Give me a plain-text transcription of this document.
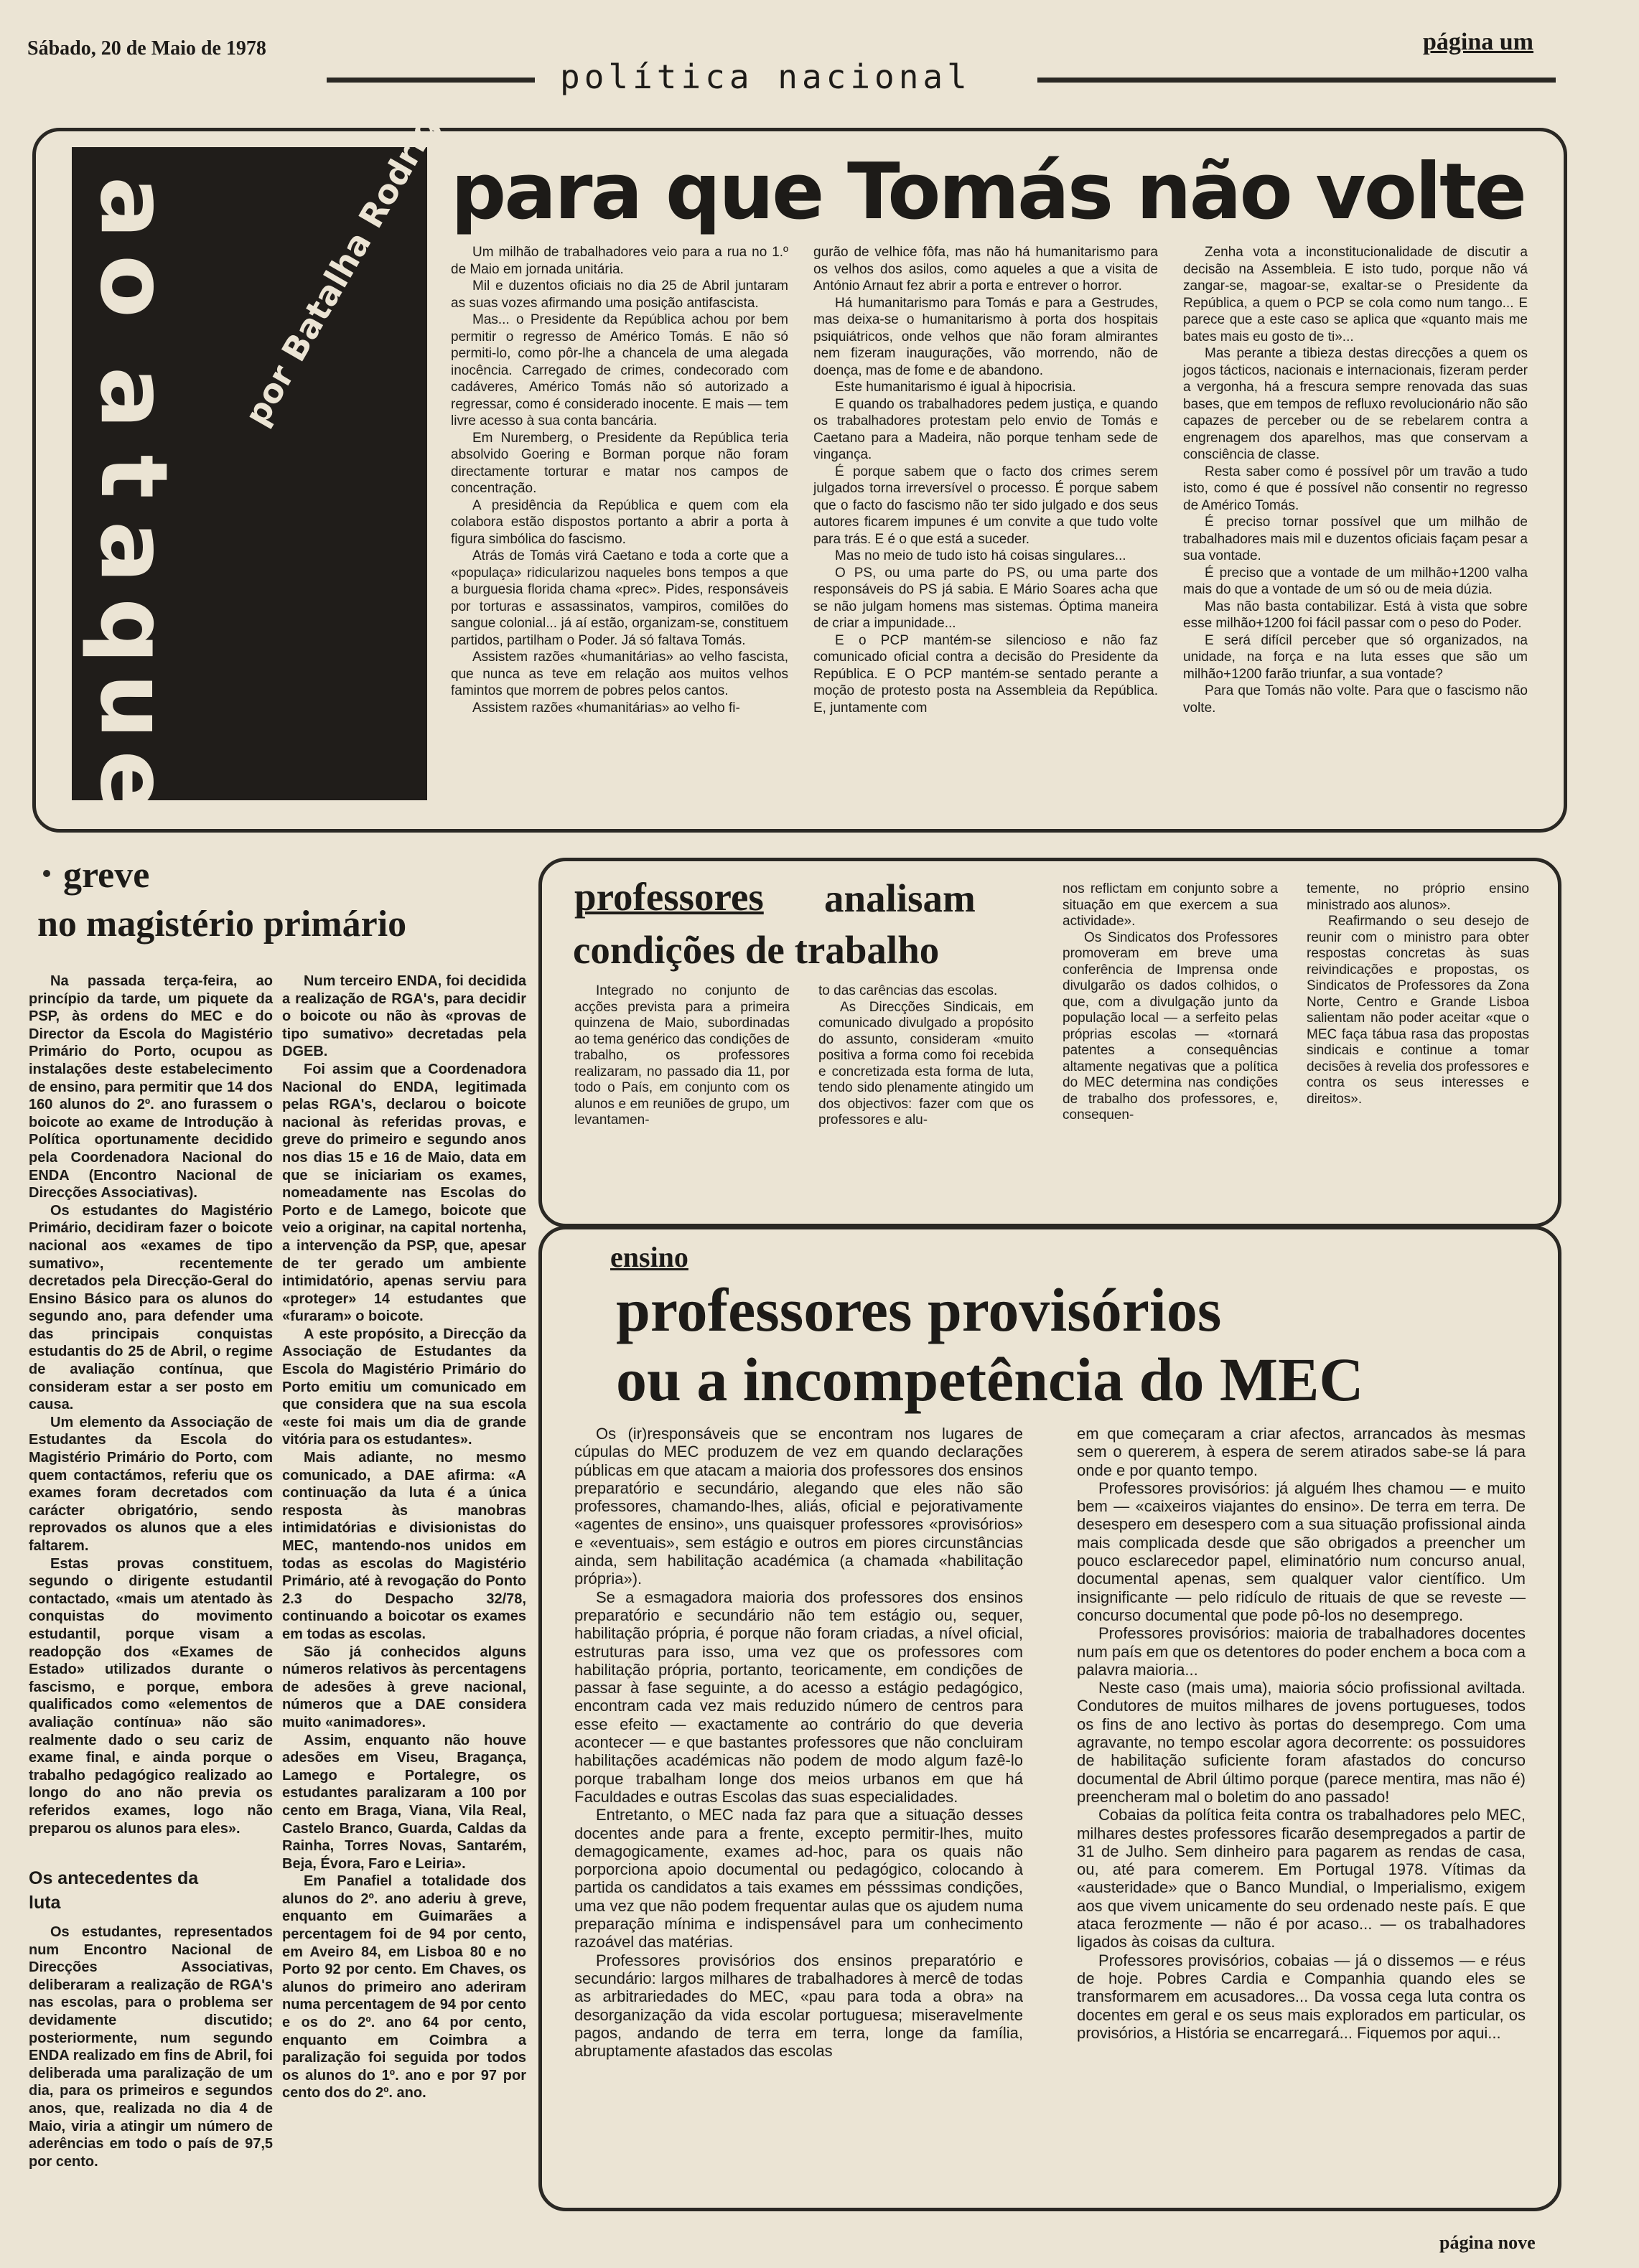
Sábado, 20 de Maio de 1978
política nacional
página um
a
o
a
t
a
q
u
e
por Batalha Rodrigo
para que Tomás não volte

Um milhão de trabalhadores veio para a rua no 1.º de Maio em jornada unitária.

Mil e duzentos oficiais no dia 25 de Abril juntaram as suas vozes afirmando uma posição antifascista.

Mas... o Presidente da República achou por bem permitir o regresso de Américo Tomás. E não só permiti-lo, como pôr-lhe a chancela de uma alegada inocência. Carregado de crimes, condecorado com cadáveres, Américo Tomás não só autorizado a regressar, como é considerado inocente. E mais — tem livre acesso à sua conta bancária.

Em Nuremberg, o Presidente da República teria absolvido Goering e Borman porque não foram directamente torturar e matar nos campos de concentração.

A presidência da República e quem com ela colabora estão dispostos portanto a abrir a porta à figura simbólica do fascismo.

Atrás de Tomás virá Caetano e toda a corte que a «populaça» ridicularizou naqueles bons tempos a que a burguesia florida chama «prec». Pides, responsáveis por torturas e assassinatos, vampiros, comilões do sangue colonial... já aí estão, organizam-se, constituem partidos, partilham o Poder. Já só faltava Tomás.

Assistem razões «humanitárias» ao velho fascista, que nunca as teve em relação aos muitos velhos famintos que morrem de pobres pelos cantos.

Assistem razões «humanitárias» ao velho fi-

gurão de velhice fôfa, mas não há humanitarismo para os velhos dos asilos, como aqueles a que a visita de António Arnaut fez abrir a porta e entrever o horror.

Há humanitarismo para Tomás e para a Gestrudes, mas deixa-se o humanitarismo à porta dos hospitais psiquiátricos, onde velhos que não foram almirantes nem fizeram inaugurações, vão morrendo, não de doença, mas de fome e de abandono.

Este humanitarismo é igual à hipocrisia.

E quando os trabalhadores pedem justiça, e quando os trabalhadores protestam pelo envio de Tomás e Caetano para a Madeira, não porque tenham sede de vingança.

É porque sabem que o facto dos crimes serem julgados torna irreversível o processo. É porque sabem que o facto do fascismo não ter sido julgado e dos seus autores ficarem impunes é um convite a que tudo volte para trás. E é o que está a suceder.

Mas no meio de tudo isto há coisas singulares...

O PS, ou uma parte do PS, ou uma parte dos responsáveis do PS já sabia. E Mário Soares acha que se não julgam homens mas sistemas. Óptima maneira de criar a impunidade...

E o PCP mantém-se silencioso e não faz comunicado oficial contra a decisão do Presidente da República. E O PCP mantém-se sentado perante a moção de protesto posta na Assembleia da República. E, juntamente com

Zenha vota a inconstitucionalidade de discutir a decisão na Assembleia. E isto tudo, porque não vá zangar-se, magoar-se, exaltar-se o Presidente da República, a quem o PCP se cola como num tango... E parece que a este caso se aplica que «quanto mais me bates mais eu gosto de ti»...

Mas perante a tibieza destas direcções a quem os jogos tácticos, nacionais e internacionais, fizeram perder a vergonha, há a frescura sempre renovada das suas bases, que em tempos de refluxo revolucionário não são capazes de perceber ou de se rebelarem contra a engrenagem dos aparelhos, mas que conservam a consciência de classe.

Resta saber como é possível pôr um travão a tudo isto, como é que é possível não consentir no regresso de Américo Tomás.

É preciso tornar possível que um milhão de trabalhadores mais mil e duzentos oficiais façam pesar a sua vontade.

É preciso que a vontade de um milhão+1200 valha mais do que a vontade de um só ou de meia dúzia.

Mas não basta contabilizar. Está à vista que sobre esse milhão+1200 foi fácil passar com o peso do Poder.

E será difícil perceber que só organizados, na unidade, na força e na luta esses que são um milhão+1200 farão triunfar, a sua vontade?

Para que Tomás não volte. Para que o fascismo não volte.

greve
no magistério primário

Na passada terça-feira, ao princípio da tarde, um piquete da PSP, às ordens do MEC e do Director da Escola do Magistério Primário do Porto, ocupou as instalações deste estabelecimento de ensino, para permitir que 14 dos 160 alunos do 2º. ano furassem o boicote ao exame de Introdução à Política oportunamente decidido pela Coordenadora Nacional do ENDA (Encontro Nacional de Direcções Associativas).

Os estudantes do Magistério Primário, decidiram fazer o boicote nacional aos «exames de tipo sumativo», recentemente decretados pela Direcção-Geral do Ensino Básico para os alunos do segundo ano, para defender uma das principais conquistas estudantis do 25 de Abril, o regime de avaliação contínua, que consideram estar a ser posto em causa.

Um elemento da Associação de Estudantes da Escola do Magistério Primário do Porto, com quem contactámos, referiu que os exames foram decretados com carácter obrigatório, sendo reprovados os alunos que a eles faltarem.

Estas provas constituem, segundo o dirigente estudantil contactado, «mais um atentado às conquistas do movimento estudantil, porque visam a readopção dos «Exames de Estado» utilizados durante o fascismo, e porque, embora qualificados como «elementos de avaliação contínua» não são realmente dado o seu cariz de exame final, e ainda porque o trabalho pedagógico realizado ao longo do ano não previa os referidos exames, logo não preparou os alunos para eles».

Os antecedentes da luta

Os estudantes, representados num Encontro Nacional de Direcções Associativas, deliberaram a realização de RGA's nas escolas, para o problema ser devidamente discutido; posteriormente, num segundo ENDA realizado em fins de Abril, foi deliberada uma paralização de um dia, para os primeiros e segundos anos, que, realizada no dia 4 de Maio, viria a atingir um número de aderências em todo o país de 97,5 por cento.

Num terceiro ENDA, foi decidida a realização de RGA's, para decidir o boicote ou não às «provas de tipo sumativo» decretadas pela DGEB.

Foi assim que a Coordenadora Nacional do ENDA, legitimada pelas RGA's, declarou o boicote nacional às referidas provas, e greve do primeiro e segundo anos nos dias 15 e 16 de Maio, data em que se iniciariam os exames, nomeadamente nas Escolas do Porto e de Lamego, boicote que veio a originar, na capital nortenha, a intervenção da PSP, que, apesar de ter gerado um ambiente intimidatório, apenas serviu para «proteger» 14 estudantes que «furaram» o boicote.

A este propósito, a Direcção da Associação de Estudantes da Escola do Magistério Primário do Porto emitiu um comunicado em que considera que na sua escola «este foi mais um dia de grande vitória para os estudantes».

Mais adiante, no mesmo comunicado, a DAE afirma: «A continuação da luta é a única resposta às manobras intimidatórias e divisionistas do MEC, mantendo-nos unidos em todas as escolas do Magistério Primário, até à revogação do Ponto 2.3 do Despacho 32/78, continuando a boicotar os exames em todas as escolas.

São já conhecidos alguns números relativos às percentagens de adesões à greve nacional, números que a DAE considera muito «animadores».

Assim, enquanto não houve adesões em Viseu, Bragança, Lamego e Portalegre, os estudantes paralizaram a 100 por cento em Braga, Viana, Vila Real, Castelo Branco, Guarda, Caldas da Rainha, Torres Novas, Santarém, Beja, Évora, Faro e Leiria».

Em Panafiel a totalidade dos alunos do 2º. ano aderiu à greve, enquanto em Guimarães a percentagem foi de 94 por cento, em Aveiro 84, em Lisboa 80 e no Porto 92 por cento. Em Chaves, os alunos do primeiro ano aderiram numa percentagem de 94 por cento e os do 2º. ano 64 por cento, enquanto em Coimbra a paralização foi seguida por todos os alunos do 1º. ano e por 97 por cento dos do 2º. ano.

professores analisam
condições de trabalho

Integrado no conjunto de acções prevista para a primeira quinzena de Maio, subordinadas ao tema genérico das condições de trabalho, os professores realizaram, no passado dia 11, por todo o País, em conjunto com os alunos e em reuniões de grupo, um levantamen-

to das carências das escolas.

As Direcções Sindicais, em comunicado divulgado a propósito do assunto, consideram «muito positiva a forma como foi recebida e concretizada esta forma de luta, tendo sido plenamente atingido um dos objectivos: fazer com que os professores e alu-

nos reflictam em conjunto sobre a situação em que exercem a sua actividade».

Os Sindicatos dos Professores promoveram em breve uma conferência de Imprensa onde divulgarão os dados colhidos, o que, com a divulgação junto da população local — a serfeito pelas próprias escolas — «tornará patentes a consequências altamente negativas que a política do MEC determina nas condições de trabalho dos professores, e, consequen-

temente, no próprio ensino ministrado aos alunos».

Reafirmando o seu desejo de reunir com o ministro para obter respostas concretas às suas reivindicações e propostas, os Sindicatos de Professores da Zona Norte, Centro e Grande Lisboa salientam não poder aceitar «que o MEC faça tábua rasa das propostas sindicais e continue a tomar decisões à revelia dos professores e contra os seus interesses e direitos».

ensino
professores provisórios
ou a incompetência do MEC

Os (ir)responsáveis que se encontram nos lugares de cúpulas do MEC produzem de vez em quando declarações públicas em que atacam a maioria dos professores dos ensinos preparatório e secundário, alegando que eles não são professores, chamando-lhes, aliás, oficial e pejorativamente «agentes de ensino», uns quaisquer professores «provisórios» e «eventuais», sem estágio e outros em piores circunstâncias ainda, sem habilitação académica (a chamada «habilitação própria»).

Se a esmagadora maioria dos professores dos ensinos preparatório e secundário não tem estágio ou, sequer, habilitação própria, é porque não foram criadas, a nível oficial, estruturas para isso, uma vez que os professores com habilitação própria, portanto, teoricamente, em condições de passar à fase seguinte, a do acesso a estágio pedagógico, encontram cada vez mais reduzido número de centros para esse efeito — exactamente ao contrário do que deveria acontecer — e que bastantes professores que não concluiram habilitações académicas não podem de modo algum fazê-lo porque trabalham longe dos meios urbanos em que há Faculdades e outras Escolas das suas especialidades.

Entretanto, o MEC nada faz para que a situação desses docentes ande para a frente, excepto permitir-lhes, muito demagogicamente, exames ad-hoc, para os quais não porporciona apoio documental ou pedagógico, colocando à partida os candidatos a tais exames em pésssimas condições, uma vez que não podem frequentar aulas que os ajudem numa preparação mínima e indispensável para um conhecimento razoável das matérias.

Professores provisórios dos ensinos preparatório e secundário: largos milhares de trabalhadores à mercê de todas as arbitrariedades do MEC, «pau para toda a obra» na desorganização da vida escolar portuguesa; miseravelmente pagos, andando de terra em terra, longe da família, abruptamente afastados das escolas

em que começaram a criar afectos, arrancados às mesmas sem o quererem, à espera de serem atirados sabe-se lá para onde e por quanto tempo.

Professores provisórios: já alguém lhes chamou — e muito bem — «caixeiros viajantes do ensino». De terra em terra. De desespero em desespero com a sua situação profissional ainda mais complicada desde que são obrigados a preencher um pouco esclarecedor papel, eliminatório num concurso anual, documental apenas, sem qualquer valor científico. Um insignificante — pelo ridículo de rituais de que se reveste — concurso documental que pode pô-los no desemprego.

Professores provisórios: maioria de trabalhadores docentes num país em que os detentores do poder enchem a boca com a palavra maioria...

Neste caso (mais uma), maioria sócio profissional aviltada. Condutores de muitos milhares de jovens portugueses, todos os fins de ano lectivo às portas do desemprego. Com uma agravante, no tempo escolar agora decorrente: os possuidores de habilitação suficiente foram afastados do concurso documental de Abril último porque (parece mentira, mas não é) preencheram mal o boletim do ano passado!

Cobaias da política feita contra os trabalhadores pelo MEC, milhares destes professores ficarão desempregados a partir de 31 de Julho. Sem dinheiro para pagarem as rendas de casa, ou, até para comerem. Em Portugal 1978. Vítimas da «austeridade» que o Banco Mundial, o Imperialismo, exigem aos que vivem unicamente do seu ordenado neste país. E que ataca ferozmente — não é por acaso... — os trabalhadores ligados às coisas da cultura.

Professores provisórios, cobaias — já o dissemos — e réus de hoje. Pobres Cardia e Companhia quando eles se transformarem em acusadores... Da vossa cega luta contra os docentes em geral e os seus mais explorados em particular, os provisórios, a História se encarregará... Fiquemos por aqui...

página nove
